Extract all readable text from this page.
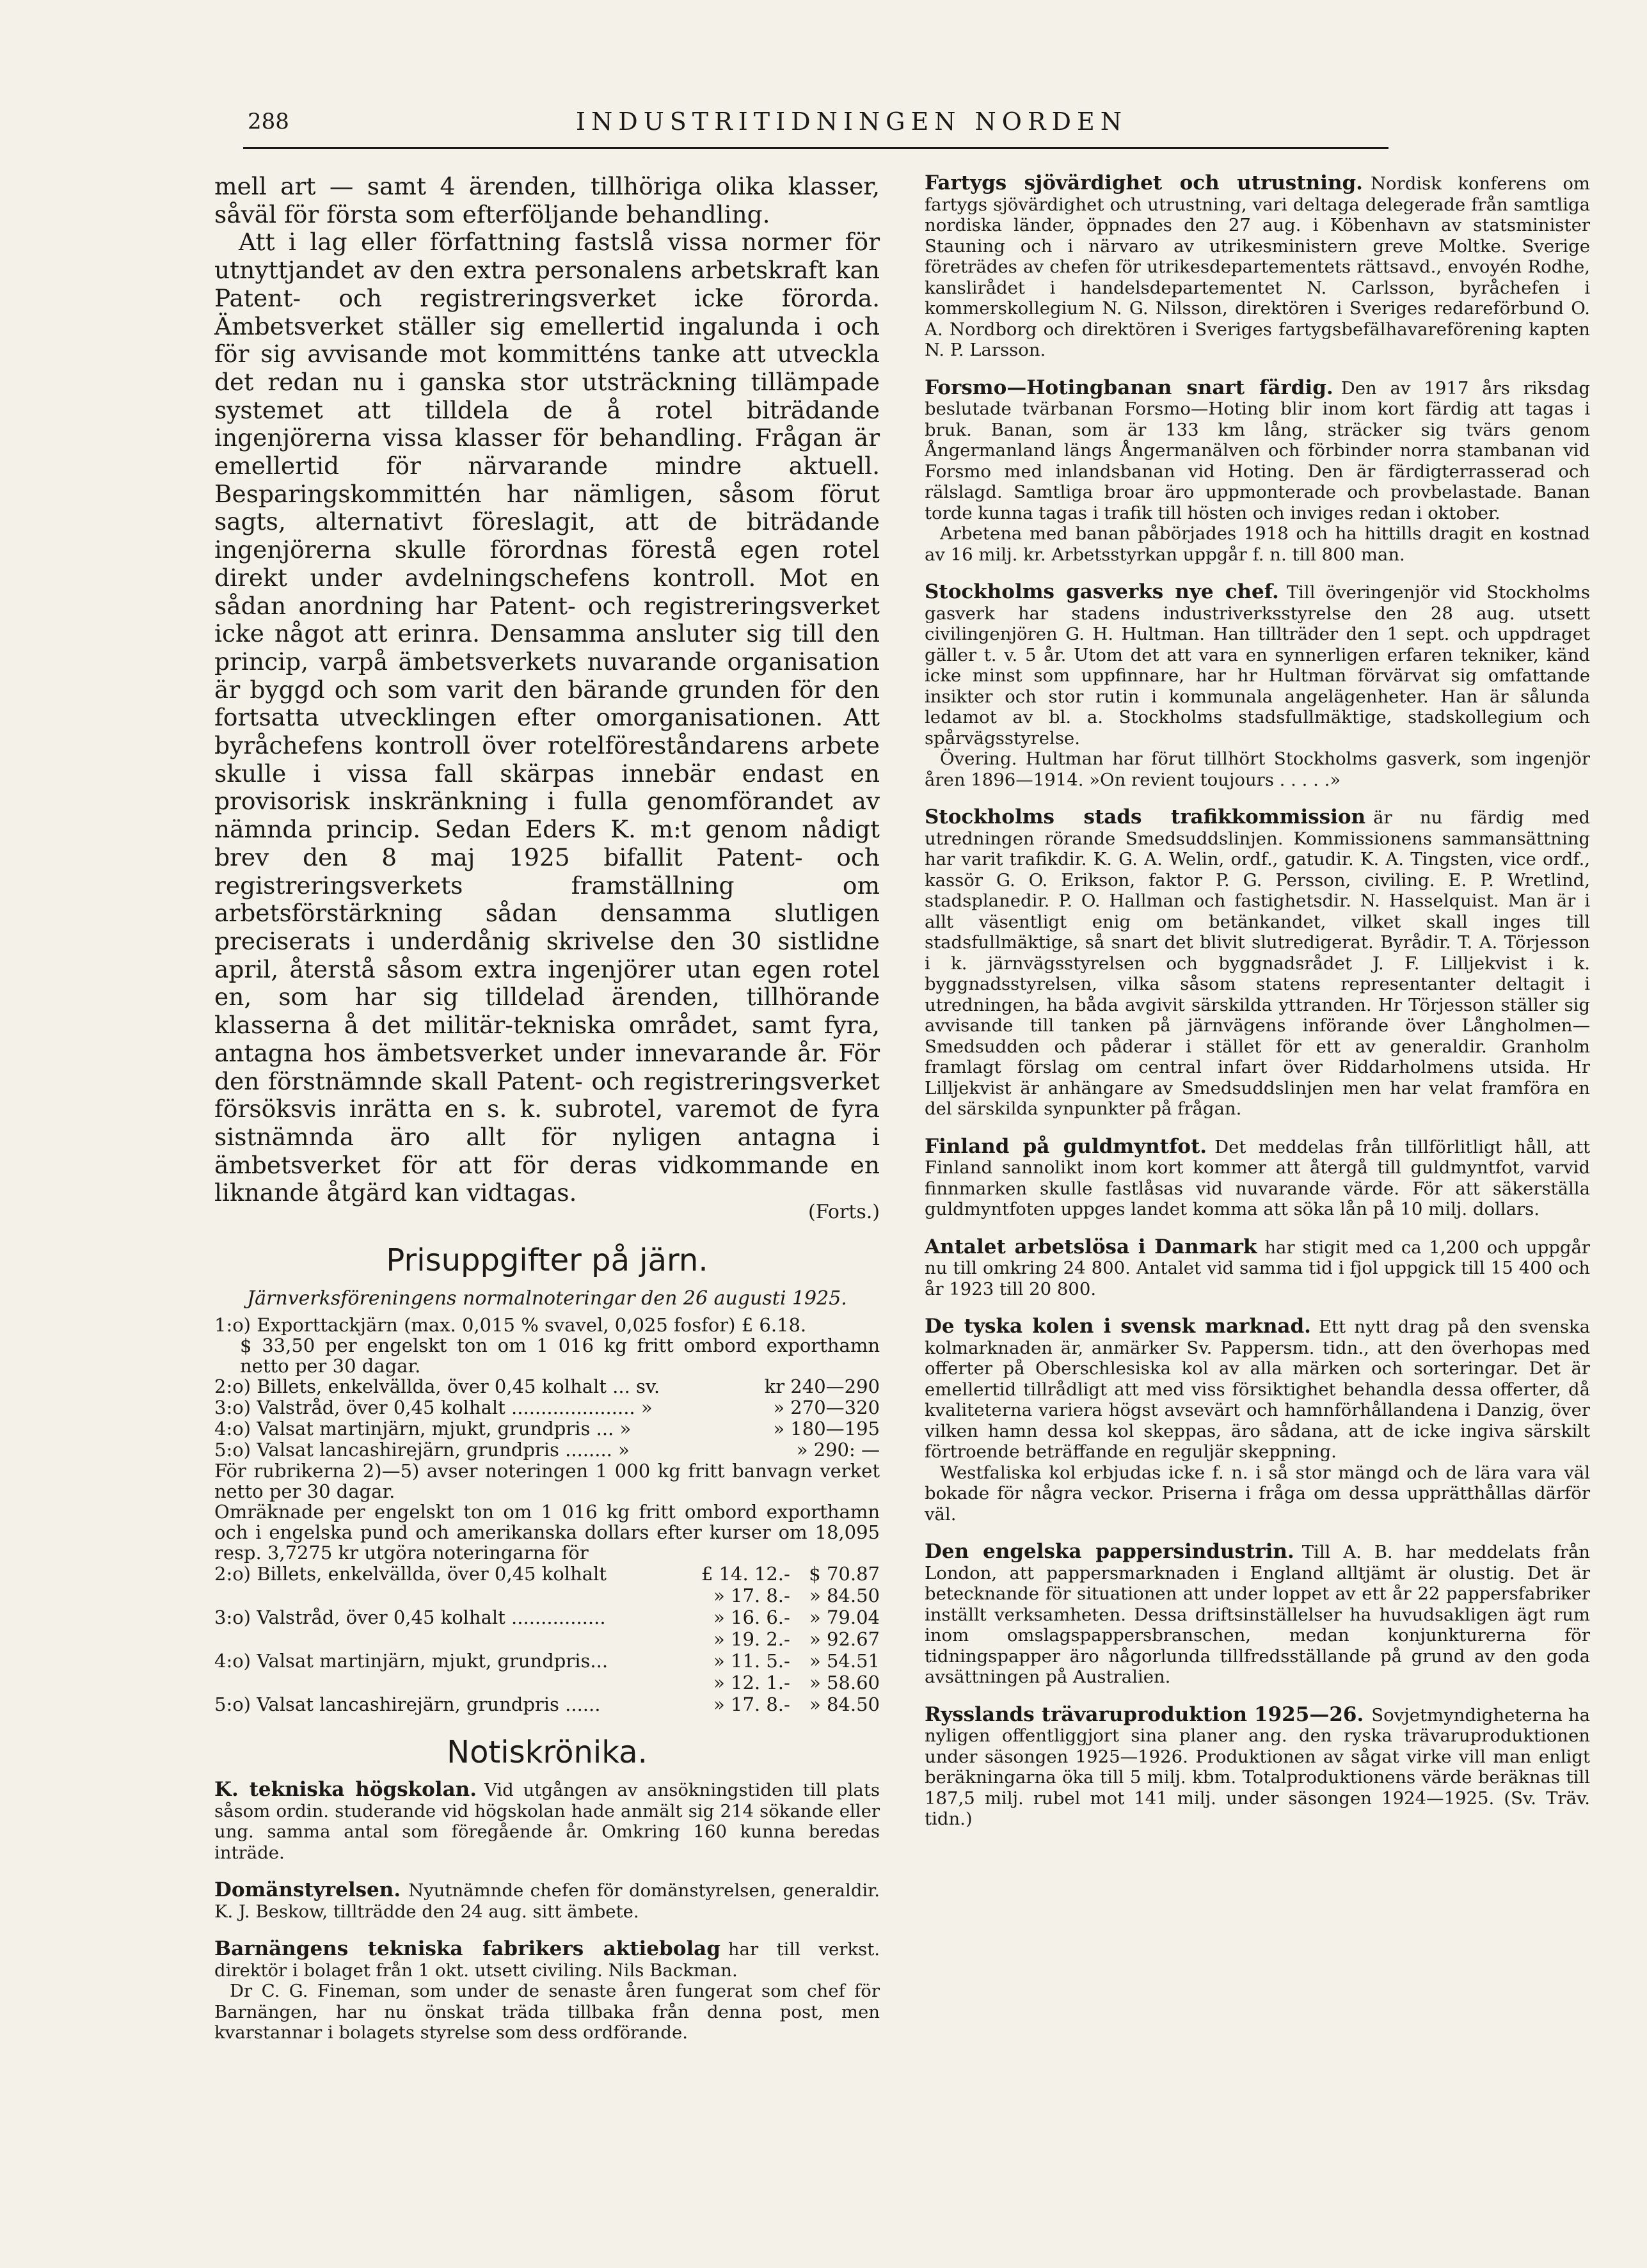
288	INDUSTRITIDNINGEN NORDEN

mell art — samt 4 ärenden, tillhöriga olika klasser, såväl för första som efterföljande behandling.

Att i lag eller författning fastslå vissa normer för utnyttjandet av den extra personalens arbetskraft kan Patent- och registreringsverket icke förorda. Ämbetsverket ställer sig emellertid ingalunda i och för sig avvisande mot kommitténs tanke att utveckla det redan nu i ganska stor utsträckning tillämpade systemet att tilldela de å rotel biträdande ingenjörerna vissa klasser för behandling. Frågan är emellertid för närvarande mindre aktuell. Besparingskommittén har nämligen, såsom förut sagts, alternativt föreslagit, att de biträdande ingenjörerna skulle förordnas förestå egen rotel direkt under avdelningschefens kontroll. Mot en sådan anordning har Patent- och registreringsverket icke något att erinra. Densamma ansluter sig till den princip, varpå ämbetsverkets nuvarande organisation är byggd och som varit den bärande grunden för den fortsatta utvecklingen efter omorganisationen. Att byråchefens kontroll över rotelföreståndarens arbete skulle i vissa fall skärpas innebär endast en provisorisk inskränkning i fulla genomförandet av nämnda princip. Sedan Eders K. m:t genom nådigt brev den 8 maj 1925 bifallit Patent- och registreringsverkets framställning om arbetsförstärkning sådan densamma slutligen preciserats i underdånig skrivelse den 30 sistlidne april, återstå såsom extra ingenjörer utan egen rotel en, som har sig tilldelad ärenden, tillhörande klasserna å det militär-tekniska området, samt fyra, antagna hos ämbetsverket under innevarande år. För den förstnämnde skall Patent- och registreringsverket försöksvis inrätta en s. k. subrotel, varemot de fyra sistnämnda äro allt för nyligen antagna i ämbetsverket för att för deras vidkommande en liknande åtgärd kan vidtagas.

(Forts.)
Prisuppgifter på järn.
Järnverksföreningens normalnoteringar den 26 augusti 1925.

1:o) Exporttackjärn (max. 0,015 % svavel, 0,025 fosfor) £ 6.18.

$ 33,50 per engelskt ton om 1 016 kg fritt ombord exporthamn netto per 30 dagar.

2:o) Billets, enkelvällda, över 0,45 kolhalt ... sv.	kr 240—290
3:o) Valstråd, över 0,45 kolhalt ..................... »	» 270—320
4:o) Valsat martinjärn, mjukt, grundpris ... »	» 180—195
5:o) Valsat lancashirejärn, grundpris ........ »	» 290: —

För rubrikerna 2)—5) avser noteringen 1 000 kg fritt banvagn verket netto per 30 dagar.

Omräknade per engelskt ton om 1 016 kg fritt ombord exporthamn och i engelska pund och amerikanska dollars efter kurser om 18,095 resp. 3,7275 kr utgöra noteringarna för

2:o) Billets, enkelvällda, över 0,45 kolhalt	£ 14. 12.-	$ 70.87
	» 17. 8.-	» 84.50
3:o) Valstråd, över 0,45 kolhalt ................	» 16. 6.-	» 79.04
	» 19. 2.-	» 92.67
4:o) Valsat martinjärn, mjukt, grundpris...	» 11. 5.-	» 54.51
	» 12. 1.-	» 58.60
5:o) Valsat lancashirejärn, grundpris ......	» 17. 8.-	» 84.50
Notiskrönika.

K. tekniska högskolan. Vid utgången av ansökningstiden till plats såsom ordin. studerande vid högskolan hade anmält sig 214 sökande eller ung. samma antal som föregående år. Omkring 160 kunna beredas inträde.

Domänstyrelsen. Nyutnämnde chefen för domänstyrelsen, generaldir. K. J. Beskow, tillträdde den 24 aug. sitt ämbete.

Barnängens tekniska fabrikers aktiebolag har till verkst. direktör i bolaget från 1 okt. utsett civiling. Nils Backman.

Dr C. G. Fineman, som under de senaste åren fungerat som chef för Barnängen, har nu önskat träda tillbaka från denna post, men kvarstannar i bolagets styrelse som dess ordförande.

Fartygs sjövärdighet och utrustning. Nordisk konferens om fartygs sjövärdighet och utrustning, vari deltaga delegerade från samtliga nordiska länder, öppnades den 27 aug. i Köbenhavn av statsminister Stauning och i närvaro av utrikesministern greve Moltke. Sverige företrädes av chefen för utrikesdepartementets rättsavd., envoyén Rodhe, kanslirådet i handelsdepartementet N. Carlsson, byråchefen i kommerskollegium N. G. Nilsson, direktören i Sveriges redareförbund O. A. Nordborg och direktören i Sveriges fartygsbefälhavareförening kapten N. P. Larsson.

Forsmo—Hotingbanan snart färdig. Den av 1917 års riksdag beslutade tvärbanan Forsmo—Hoting blir inom kort färdig att tagas i bruk. Banan, som är 133 km lång, sträcker sig tvärs genom Ångermanland längs Ångermanälven och förbinder norra stambanan vid Forsmo med inlandsbanan vid Hoting. Den är färdigterrasserad och rälslagd. Samtliga broar äro uppmonterade och provbelastade. Banan torde kunna tagas i trafik till hösten och inviges redan i oktober.

Arbetena med banan påbörjades 1918 och ha hittills dragit en kostnad av 16 milj. kr. Arbetsstyrkan uppgår f. n. till 800 man.

Stockholms gasverks nye chef. Till överingenjör vid Stockholms gasverk har stadens industriverksstyrelse den 28 aug. utsett civilingenjören G. H. Hultman. Han tillträder den 1 sept. och uppdraget gäller t. v. 5 år. Utom det att vara en synnerligen erfaren tekniker, känd icke minst som uppfinnare, har hr Hultman förvärvat sig omfattande insikter och stor rutin i kommunala angelägenheter. Han är sålunda ledamot av bl. a. Stockholms stadsfullmäktige, stadskollegium och spårvägsstyrelse.

Övering. Hultman har förut tillhört Stockholms gasverk, som ingenjör åren 1896—1914. »On revient toujours . . . . .»

Stockholms stads trafikkommission är nu färdig med utredningen rörande Smedsuddslinjen. Kommissionens sammansättning har varit trafikdir. K. G. A. Welin, ordf., gatudir. K. A. Tingsten, vice ordf., kassör G. O. Erikson, faktor P. G. Persson, civiling. E. P. Wretlind, stadsplanedir. P. O. Hallman och fastighetsdir. N. Hasselquist. Man är i allt väsentligt enig om betänkandet, vilket skall inges till stadsfullmäktige, så snart det blivit slutredigerat. Byrådir. T. A. Törjesson i k. järnvägsstyrelsen och byggnadsrådet J. F. Lilljekvist i k. byggnadsstyrelsen, vilka såsom statens representanter deltagit i utredningen, ha båda avgivit särskilda yttranden. Hr Törjesson ställer sig avvisande till tanken på järnvägens införande över Långholmen—Smedsudden och påderar i stället för ett av generaldir. Granholm framlagt förslag om central infart över Riddarholmens utsida. Hr Lilljekvist är anhängare av Smedsuddslinjen men har velat framföra en del särskilda synpunkter på frågan.

Finland på guldmyntfot. Det meddelas från tillförlitligt håll, att Finland sannolikt inom kort kommer att återgå till guldmyntfot, varvid finnmarken skulle fastlåsas vid nuvarande värde. För att säkerställa guldmyntfoten uppges landet komma att söka lån på 10 milj. dollars.

Antalet arbetslösa i Danmark har stigit med ca 1,200 och uppgår nu till omkring 24 800. Antalet vid samma tid i fjol uppgick till 15 400 och år 1923 till 20 800.

De tyska kolen i svensk marknad. Ett nytt drag på den svenska kolmarknaden är, anmärker Sv. Pappersm. tidn., att den överhopas med offerter på Oberschlesiska kol av alla märken och sorteringar. Det är emellertid tillrådligt att med viss försiktighet behandla dessa offerter, då kvaliteterna variera högst avsevärt och hamnförhållandena i Danzig, över vilken hamn dessa kol skeppas, äro sådana, att de icke ingiva särskilt förtroende beträffande en reguljär skeppning.

Westfaliska kol erbjudas icke f. n. i så stor mängd och de lära vara väl bokade för några veckor. Priserna i fråga om dessa upprätthållas därför väl.

Den engelska pappersindustrin. Till A. B. har meddelats från London, att pappersmarknaden i England alltjämt är olustig. Det är betecknande för situationen att under loppet av ett år 22 pappersfabriker inställt verksamheten. Dessa driftsinställelser ha huvudsakligen ägt rum inom omslagspappersbranschen, medan konjunkturerna för tidningspapper äro någorlunda tillfredsställande på grund av den goda avsättningen på Australien.

Rysslands trävaruproduktion 1925—26. Sovjetmyndigheterna ha nyligen offentliggjort sina planer ang. den ryska trävaruproduktionen under säsongen 1925—1926. Produktionen av sågat virke vill man enligt beräkningarna öka till 5 milj. kbm. Totalproduktionens värde beräknas till 187,5 milj. rubel mot 141 milj. under säsongen 1924—1925. (Sv. Träv. tidn.)
